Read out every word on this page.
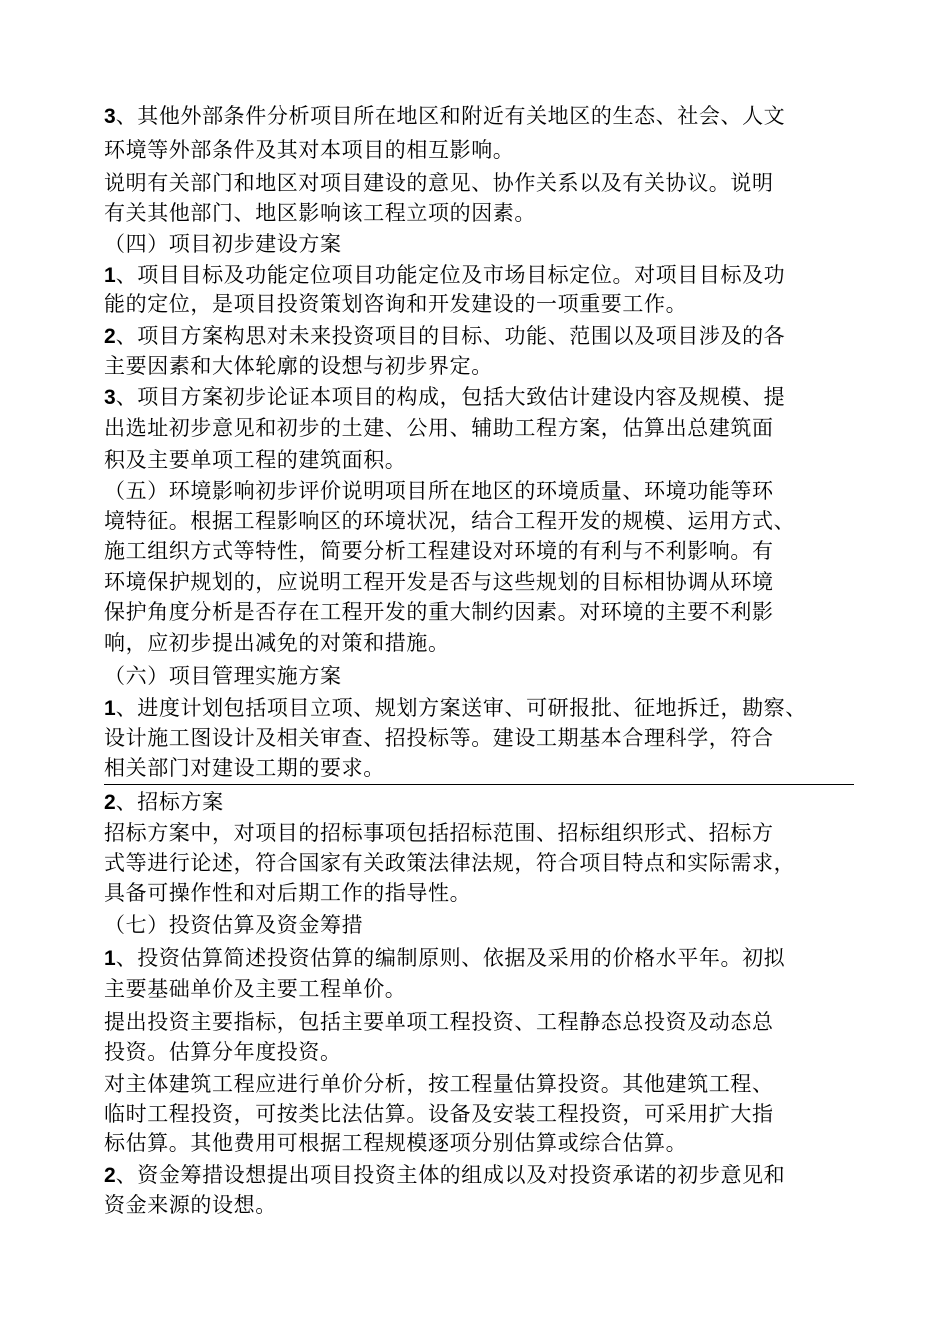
3、其他外部条件分析项目所在地区和附近有关地区的生态、社会、人文
环境等外部条件及其对本项目的相互影响。
说明有关部门和地区对项目建设的意见、协作关系以及有关协议。说明
有关其他部门、地区影响该工程立项的因素。
（四）项目初步建设方案
1、项目目标及功能定位项目功能定位及市场目标定位。对项目目标及功
能的定位，是项目投资策划咨询和开发建设的一项重要工作。
2、项目方案构思对未来投资项目的目标、功能、范围以及项目涉及的各
主要因素和大体轮廓的设想与初步界定。
3、项目方案初步论证本项目的构成，包括大致估计建设内容及规模、提
出选址初步意见和初步的土建、公用、辅助工程方案，估算出总建筑面
积及主要单项工程的建筑面积。
（五）环境影响初步评价说明项目所在地区的环境质量、环境功能等环
境特征。根据工程影响区的环境状况，结合工程开发的规模、运用方式、
施工组织方式等特性，简要分析工程建设对环境的有利与不利影响。有
环境保护规划的，应说明工程开发是否与这些规划的目标相协调从环境
保护角度分析是否存在工程开发的重大制约因素。对环境的主要不利影
响，应初步提出减免的对策和措施。
（六）项目管理实施方案
1、进度计划包括项目立项、规划方案送审、可研报批、征地拆迁，勘察、
设计施工图设计及相关审查、招投标等。建设工期基本合理科学，符合
相关部门对建设工期的要求。
2、招标方案
招标方案中，对项目的招标事项包括招标范围、招标组织形式、招标方
式等进行论述，符合国家有关政策法律法规，符合项目特点和实际需求，
具备可操作性和对后期工作的指导性。
（七）投资估算及资金筹措
1、投资估算简述投资估算的编制原则、依据及采用的价格水平年。初拟
主要基础单价及主要工程单价。
提出投资主要指标，包括主要单项工程投资、工程静态总投资及动态总
投资。估算分年度投资。
对主体建筑工程应进行单价分析，按工程量估算投资。其他建筑工程、
临时工程投资，可按类比法估算。设备及安装工程投资，可采用扩大指
标估算。其他费用可根据工程规模逐项分别估算或综合估算。
2、资金筹措设想提出项目投资主体的组成以及对投资承诺的初步意见和
资金来源的设想。
